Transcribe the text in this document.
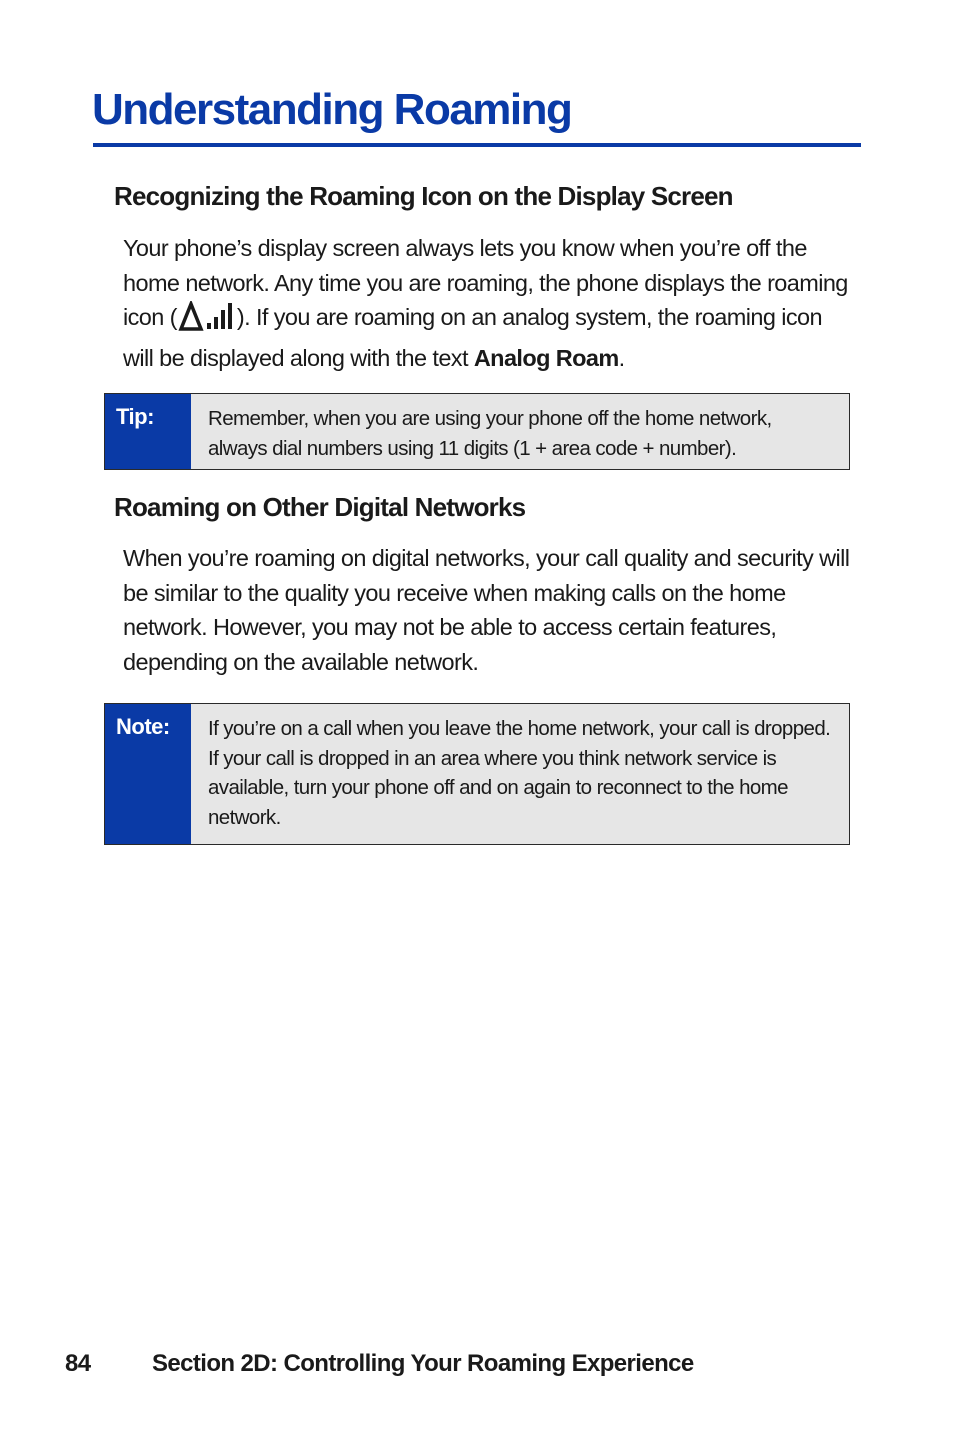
Understanding Roaming
Recognizing the Roaming Icon on the Display Screen

Your phone’s display screen always lets you know when you’re off the home network. Any time you are roaming, the phone displays the roaming icon (	). If you are roaming on an analog system, the roaming icon will be displayed along with the text Analog Roam.

Tip:	Remember, when you are using your phone off the home network, always dial numbers using 11 digits (1 + area code + number).
Roaming on Other Digital Networks

When you’re roaming on digital networks, your call quality and security will be similar to the quality you receive when making calls on the home network. However, you may not be able to access certain features, depending on the available network.

Note:	If you’re on a call when you leave the home network, your call is dropped. If your call is dropped in an area where you think network service is available, turn your phone off and on again to reconnect to the home network.
84	Section 2D: Controlling Your Roaming Experience
